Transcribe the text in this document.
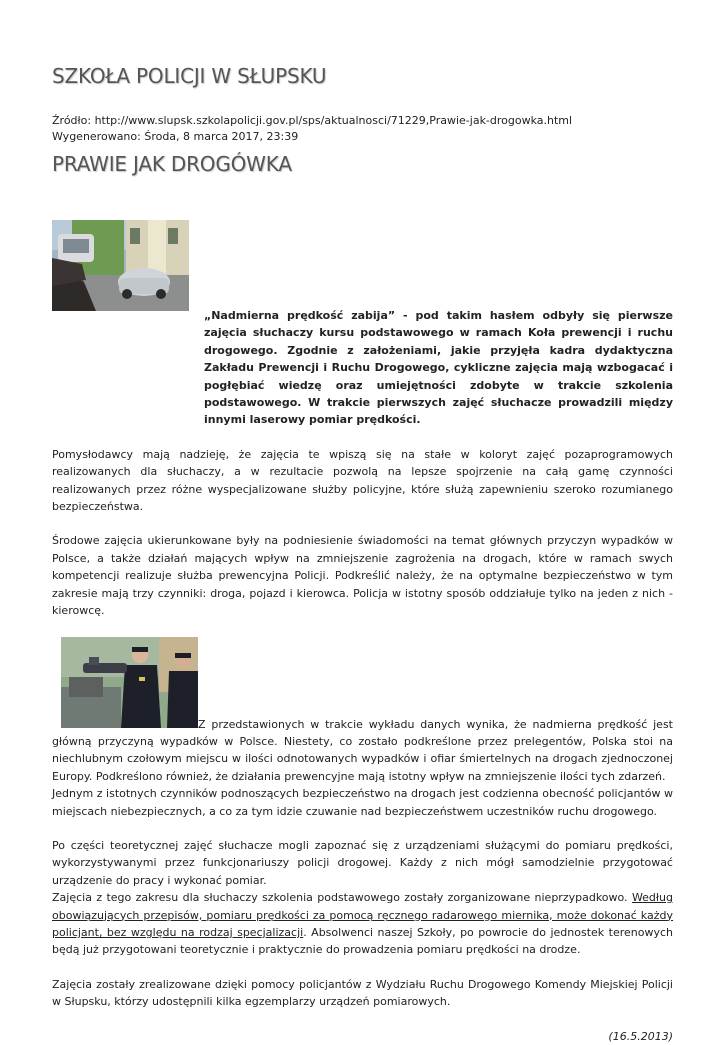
SZKOŁA POLICJI W SŁUPSKU
Źródło: http://www.slupsk.szkolapolicji.gov.pl/sps/aktualnosci/71229,Prawie-jak-drogowka.html
Wygenerowano: Środa, 8 marca 2017, 23:39
PRAWIE JAK DROGÓWKA

„Nadmierna prędkość zabija” - pod takim hasłem odbyły się pierwsze zajęcia słuchaczy kursu podstawowego w ramach Koła prewencji i ruchu drogowego. Zgodnie z założeniami, jakie przyjęła kadra dydaktyczna Zakładu Prewencji i Ruchu Drogowego, cykliczne zajęcia mają wzbogacać i pogłębiać wiedzę oraz umiejętności zdobyte w trakcie szkolenia podstawowego. W trakcie pierwszych zajęć słuchacze prowadzili między innymi laserowy pomiar prędkości.

Pomysłodawcy mają nadzieję, że zajęcia te wpiszą się na stałe w koloryt zajęć pozaprogramowych realizowanych dla słuchaczy, a w rezultacie pozwolą na lepsze spojrzenie na całą gamę czynności realizowanych przez różne wyspecjalizowane służby policyjne, które służą zapewnieniu szeroko rozumianego bezpieczeństwa.

Środowe zajęcia ukierunkowane były na podniesienie świadomości na temat głównych przyczyn wypadków w Polsce, a także działań mających wpływ na zmniejszenie zagrożenia na drogach, które w ramach swych kompetencji realizuje służba prewencyjna Policji. Podkreślić należy, że na optymalne bezpieczeństwo w tym zakresie mają trzy czynniki: droga, pojazd i kierowca. Policja w istotny sposób oddziałuje tylko na jeden z nich - kierowcę.

Z przedstawionych w trakcie wykładu danych wynika, że nadmierna prędkość jest główną przyczyną wypadków w Polsce. Niestety, co zostało podkreślone przez prelegentów, Polska stoi na niechlubnym czołowym miejscu w ilości odnotowanych wypadków i ofiar śmiertelnych na drogach zjednoczonej Europy. Podkreślono również, że działania prewencyjne mają istotny wpływ na zmniejszenie ilości tych zdarzeń.

Jednym z istotnych czynników podnoszących bezpieczeństwo na drogach jest codzienna obecność policjantów w miejscach niebezpiecznych, a co za tym idzie czuwanie nad bezpieczeństwem uczestników ruchu drogowego.

Po części teoretycznej zajęć słuchacze mogli zapoznać się z urządzeniami służącymi do pomiaru prędkości, wykorzystywanymi przez funkcjonariuszy policji drogowej. Każdy z nich mógł samodzielnie przygotować urządzenie do pracy i wykonać pomiar.

Zajęcia z tego zakresu dla słuchaczy szkolenia podstawowego zostały zorganizowane nieprzypadkowo. Według obowiązujących przepisów, pomiaru prędkości za pomocą ręcznego radarowego miernika, może dokonać każdy policjant, bez względu na rodzaj specjalizacji. Absolwenci naszej Szkoły, po powrocie do jednostek terenowych będą już przygotowani teoretycznie i praktycznie do prowadzenia pomiaru prędkości na drodze.

Zajęcia zostały zrealizowane dzięki pomocy policjantów z Wydziału Ruchu Drogowego Komendy Miejskiej Policji w Słupsku, którzy udostępnili kilka egzemplarzy urządzeń pomiarowych.

(16.5.2013)
